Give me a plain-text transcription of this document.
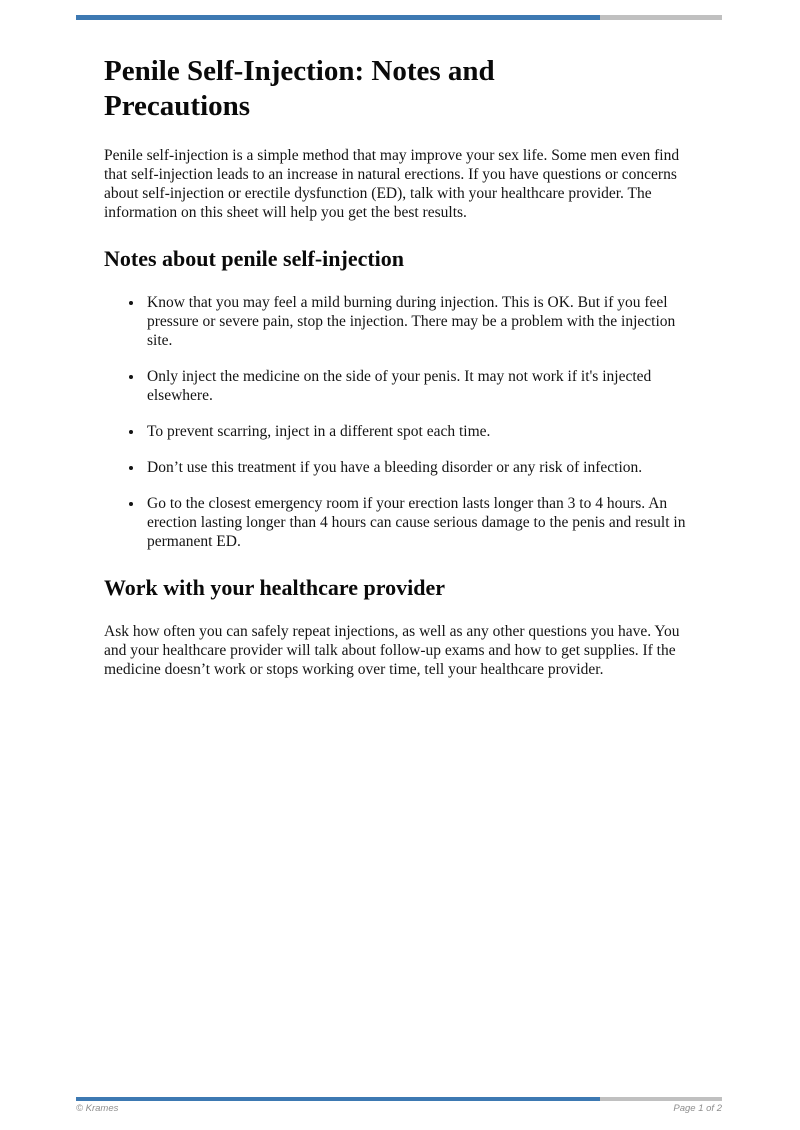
Penile Self-Injection: Notes and Precautions

Penile self-injection is a simple method that may improve your sex life. Some men even find that self-injection leads to an increase in natural erections. If you have questions or concerns about self-injection or erectile dysfunction (ED), talk with your healthcare provider. The information on this sheet will help you get the best results.

Notes about penile self-injection
• Know that you may feel a mild burning during injection. This is OK. But if you feel pressure or severe pain, stop the injection. There may be a problem with the injection site.
• Only inject the medicine on the side of your penis. It may not work if it's injected elsewhere.
• To prevent scarring, inject in a different spot each time.
• Don’t use this treatment if you have a bleeding disorder or any risk of infection.
• Go to the closest emergency room if your erection lasts longer than 3 to 4 hours. An erection lasting longer than 4 hours can cause serious damage to the penis and result in permanent ED.
Work with your healthcare provider

Ask how often you can safely repeat injections, as well as any other questions you have. You and your healthcare provider will talk about follow-up exams and how to get supplies. If the medicine doesn’t work or stops working over time, tell your healthcare provider.

© Krames	Page 1 of 2
